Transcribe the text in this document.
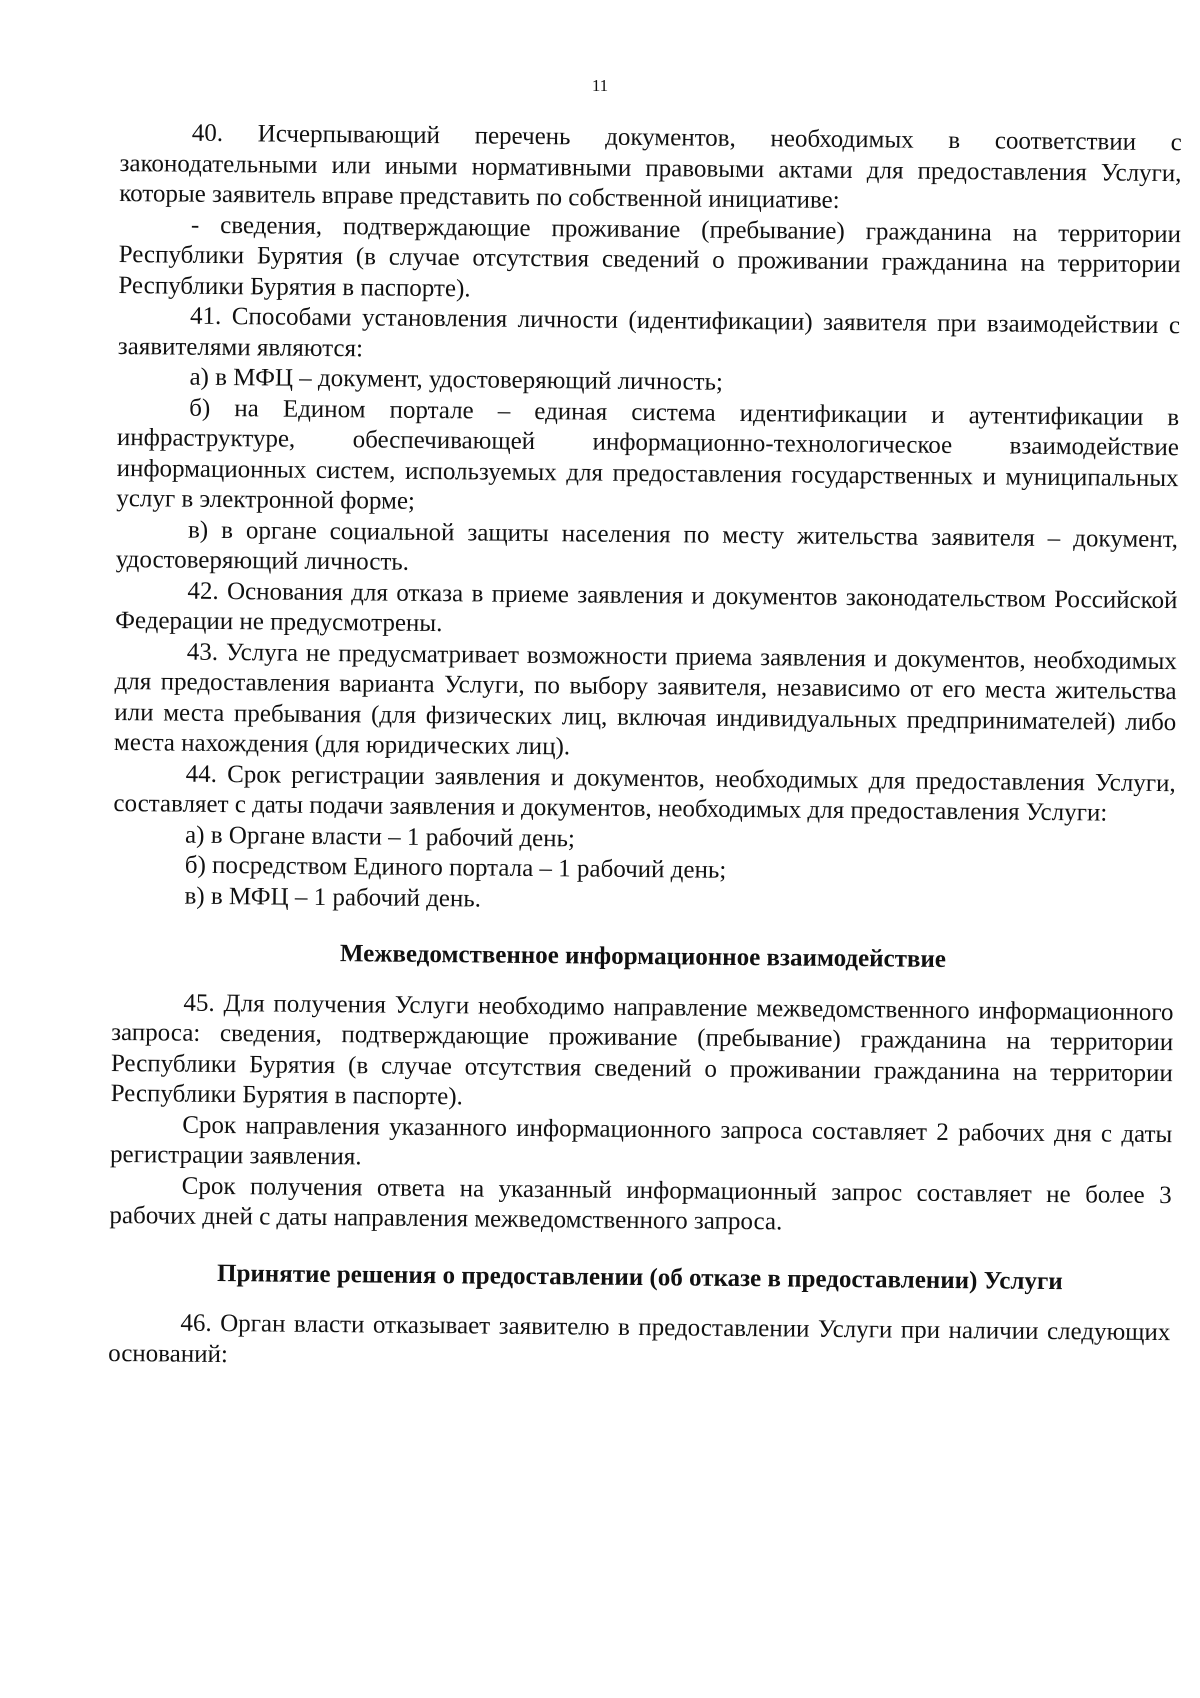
11

40. Исчерпывающий перечень документов, необходимых в соответствии с законодательными или иными нормативными правовыми актами для предоставления Услуги, которые заявитель вправе представить по собственной инициативе:

- сведения, подтверждающие проживание (пребывание) гражданина на территории Республики Бурятия (в случае отсутствия сведений о проживании гражданина на территории Республики Бурятия в паспорте).

41. Способами установления личности (идентификации) заявителя при взаимодействии с заявителями являются:

а) в МФЦ – документ, удостоверяющий личность;

б) на Едином портале – единая система идентификации и аутентификации в инфраструктуре, обеспечивающей информационно-технологическое взаимодействие информационных систем, используемых для предоставления государственных и муниципальных услуг в электронной форме;

в) в органе социальной защиты населения по месту жительства заявителя – документ, удостоверяющий личность.

42. Основания для отказа в приеме заявления и документов законодательством Российской Федерации не предусмотрены.

43. Услуга не предусматривает возможности приема заявления и документов, необходимых для предоставления варианта Услуги, по выбору заявителя, независимо от его места жительства или места пребывания (для физических лиц, включая индивидуальных предпринимателей) либо места нахождения (для юридических лиц).

44. Срок регистрации заявления и документов, необходимых для предоставления Услуги, составляет с даты подачи заявления и документов, необходимых для предоставления Услуги:

а) в Органе власти – 1 рабочий день;

б) посредством Единого портала – 1 рабочий день;

в) в МФЦ – 1 рабочий день.

Межведомственное информационное взаимодействие

45. Для получения Услуги необходимо направление межведомственного информационного запроса: сведения, подтверждающие проживание (пребывание) гражданина на территории Республики Бурятия (в случае отсутствия сведений о проживании гражданина на территории Республики Бурятия в паспорте).

Срок направления указанного информационного запроса составляет 2 рабочих дня с даты регистрации заявления.

Срок получения ответа на указанный информационный запрос составляет не более 3 рабочих дней с даты направления межведомственного запроса.

Принятие решения о предоставлении (об отказе в предоставлении) Услуги

46. Орган власти отказывает заявителю в предоставлении Услуги при наличии следующих оснований:
